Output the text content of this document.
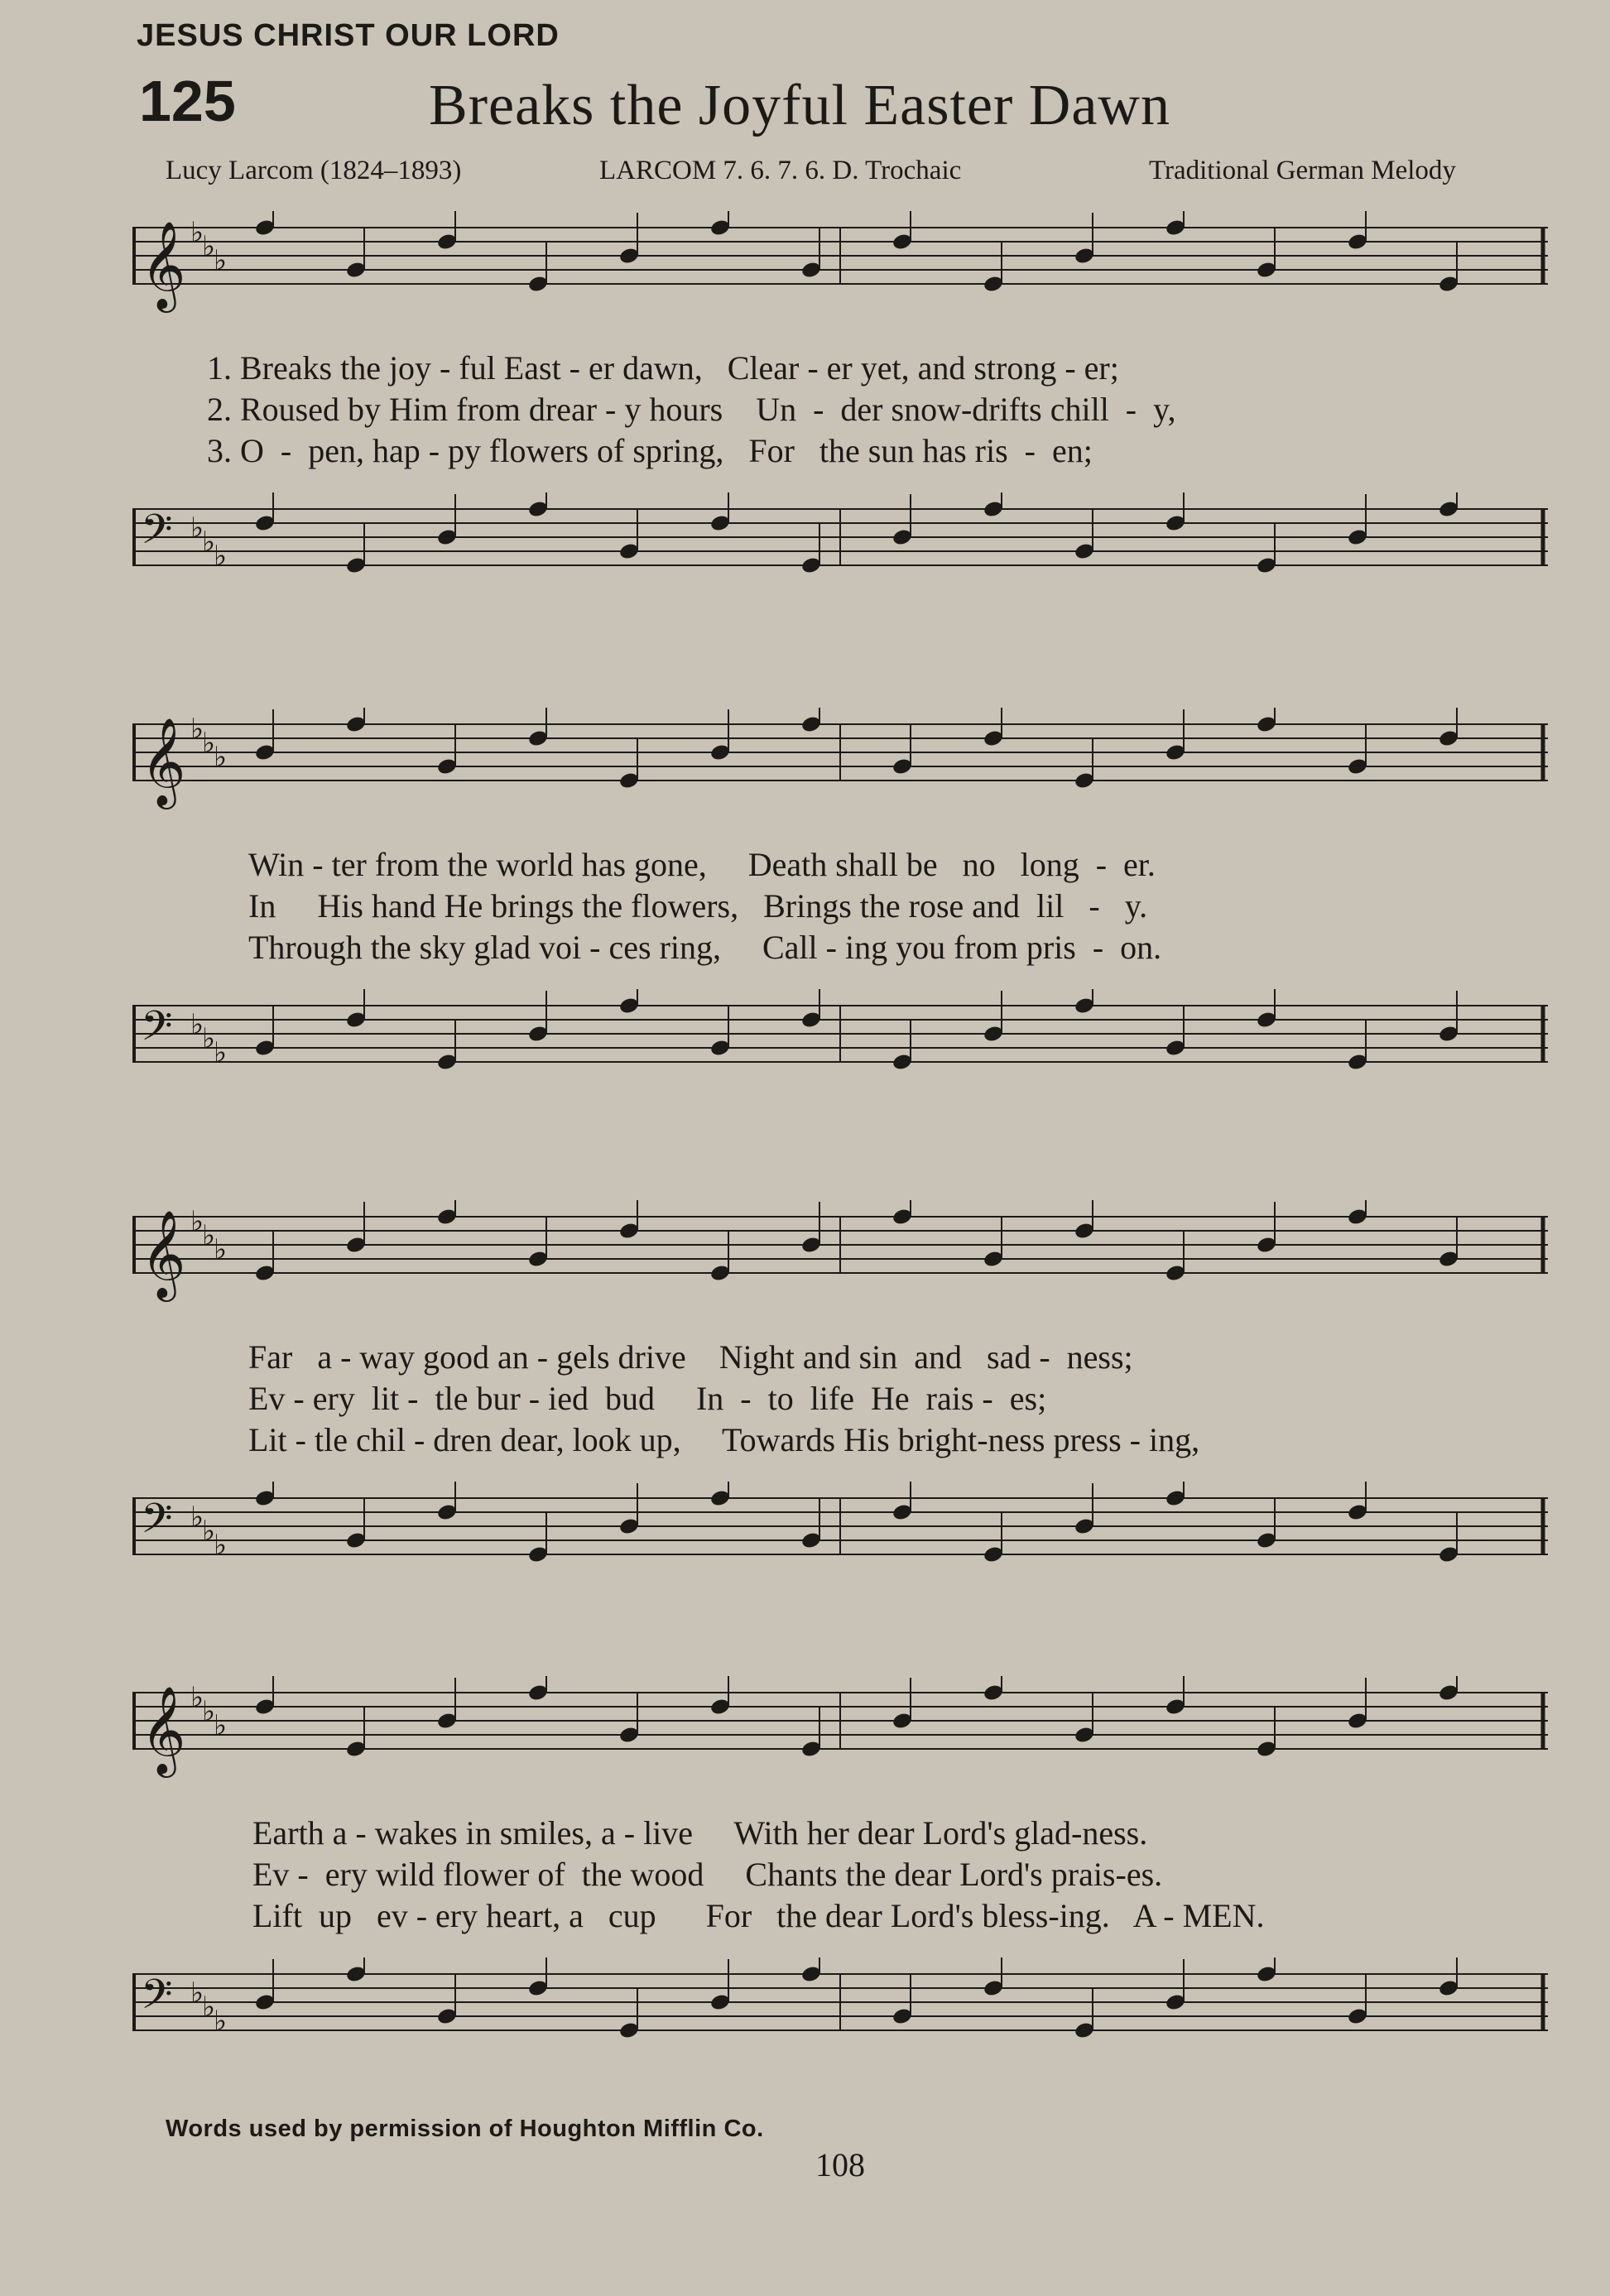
JESUS CHRIST OUR LORD
125	Breaks the Joyful Easter Dawn
Lucy Larcom (1824–1893)	LARCOM 7. 6. 7. 6. D. Trochaic	Traditional German Melody
𝄞 ♭
♭
♭
1. Breaks the joy - ful East - er dawn,   Clear - er yet, and strong - er;
2. Roused by Him from drear - y hours    Un  -  der snow-drifts chill  -  y,
3. O  -  pen, hap - py flowers of spring,   For   the sun has ris  -  en;
𝄢 ♭
♭
♭
𝄞 ♭
♭
♭
Win - ter from the world has gone,     Death shall be   no   long  -  er.
In     His hand He brings the flowers,   Brings the rose and  lil   -   y.
Through the sky glad voi - ces ring,     Call - ing you from pris  -  on.
𝄢 ♭
♭
♭
𝄞 ♭
♭
♭
Far   a - way good an - gels drive    Night and sin  and   sad -  ness;
Ev - ery  lit -  tle bur - ied  bud     In  -  to  life  He  rais -  es;
Lit - tle chil - dren dear, look up,     Towards His bright-ness press - ing,
𝄢 ♭
♭
♭
𝄞 ♭
♭
♭
Earth a - wakes in smiles, a - live     With her dear Lord's glad-ness.
Ev -  ery wild flower of  the wood     Chants the dear Lord's prais-es.
Lift  up   ev - ery heart, a   cup      For   the dear Lord's bless-ing.   A - MEN.
𝄢 ♭
♭
♭
Words used by permission of Houghton Mifflin Co.
108
